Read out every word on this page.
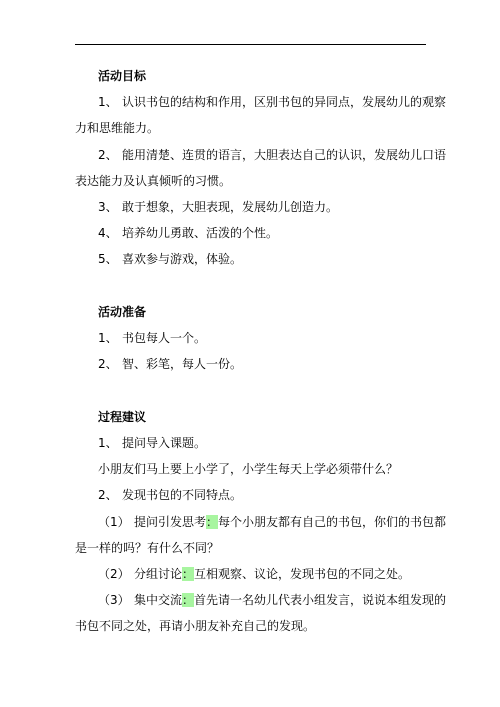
活动目标
1、 认识书包的结构和作用，区别书包的异同点，发展幼儿的观察
力和思维能力。
2、 能用清楚、连贯的语言，大胆表达自己的认识，发展幼儿口语
表达能力及认真倾听的习惯。
3、 敢于想象，大胆表现，发展幼儿创造力。
4、 培养幼儿勇敢、活泼的个性。
5、 喜欢参与游戏，体验。
活动准备
1、 书包每人一个。
2、 智、彩笔，每人一份。
过程建议
1、 提问导入课题。
小朋友们马上要上小学了，小学生每天上学必须带什么？
2、 发现书包的不同特点。
（1） 提问引发思考：每个小朋友都有自己的书包，你们的书包都
是一样的吗？有什么不同？
（2） 分组讨论：互相观察、议论，发现书包的不同之处。
（3） 集中交流：首先请一名幼儿代表小组发言，说说本组发现的
书包不同之处，再请小朋友补充自己的发现。
